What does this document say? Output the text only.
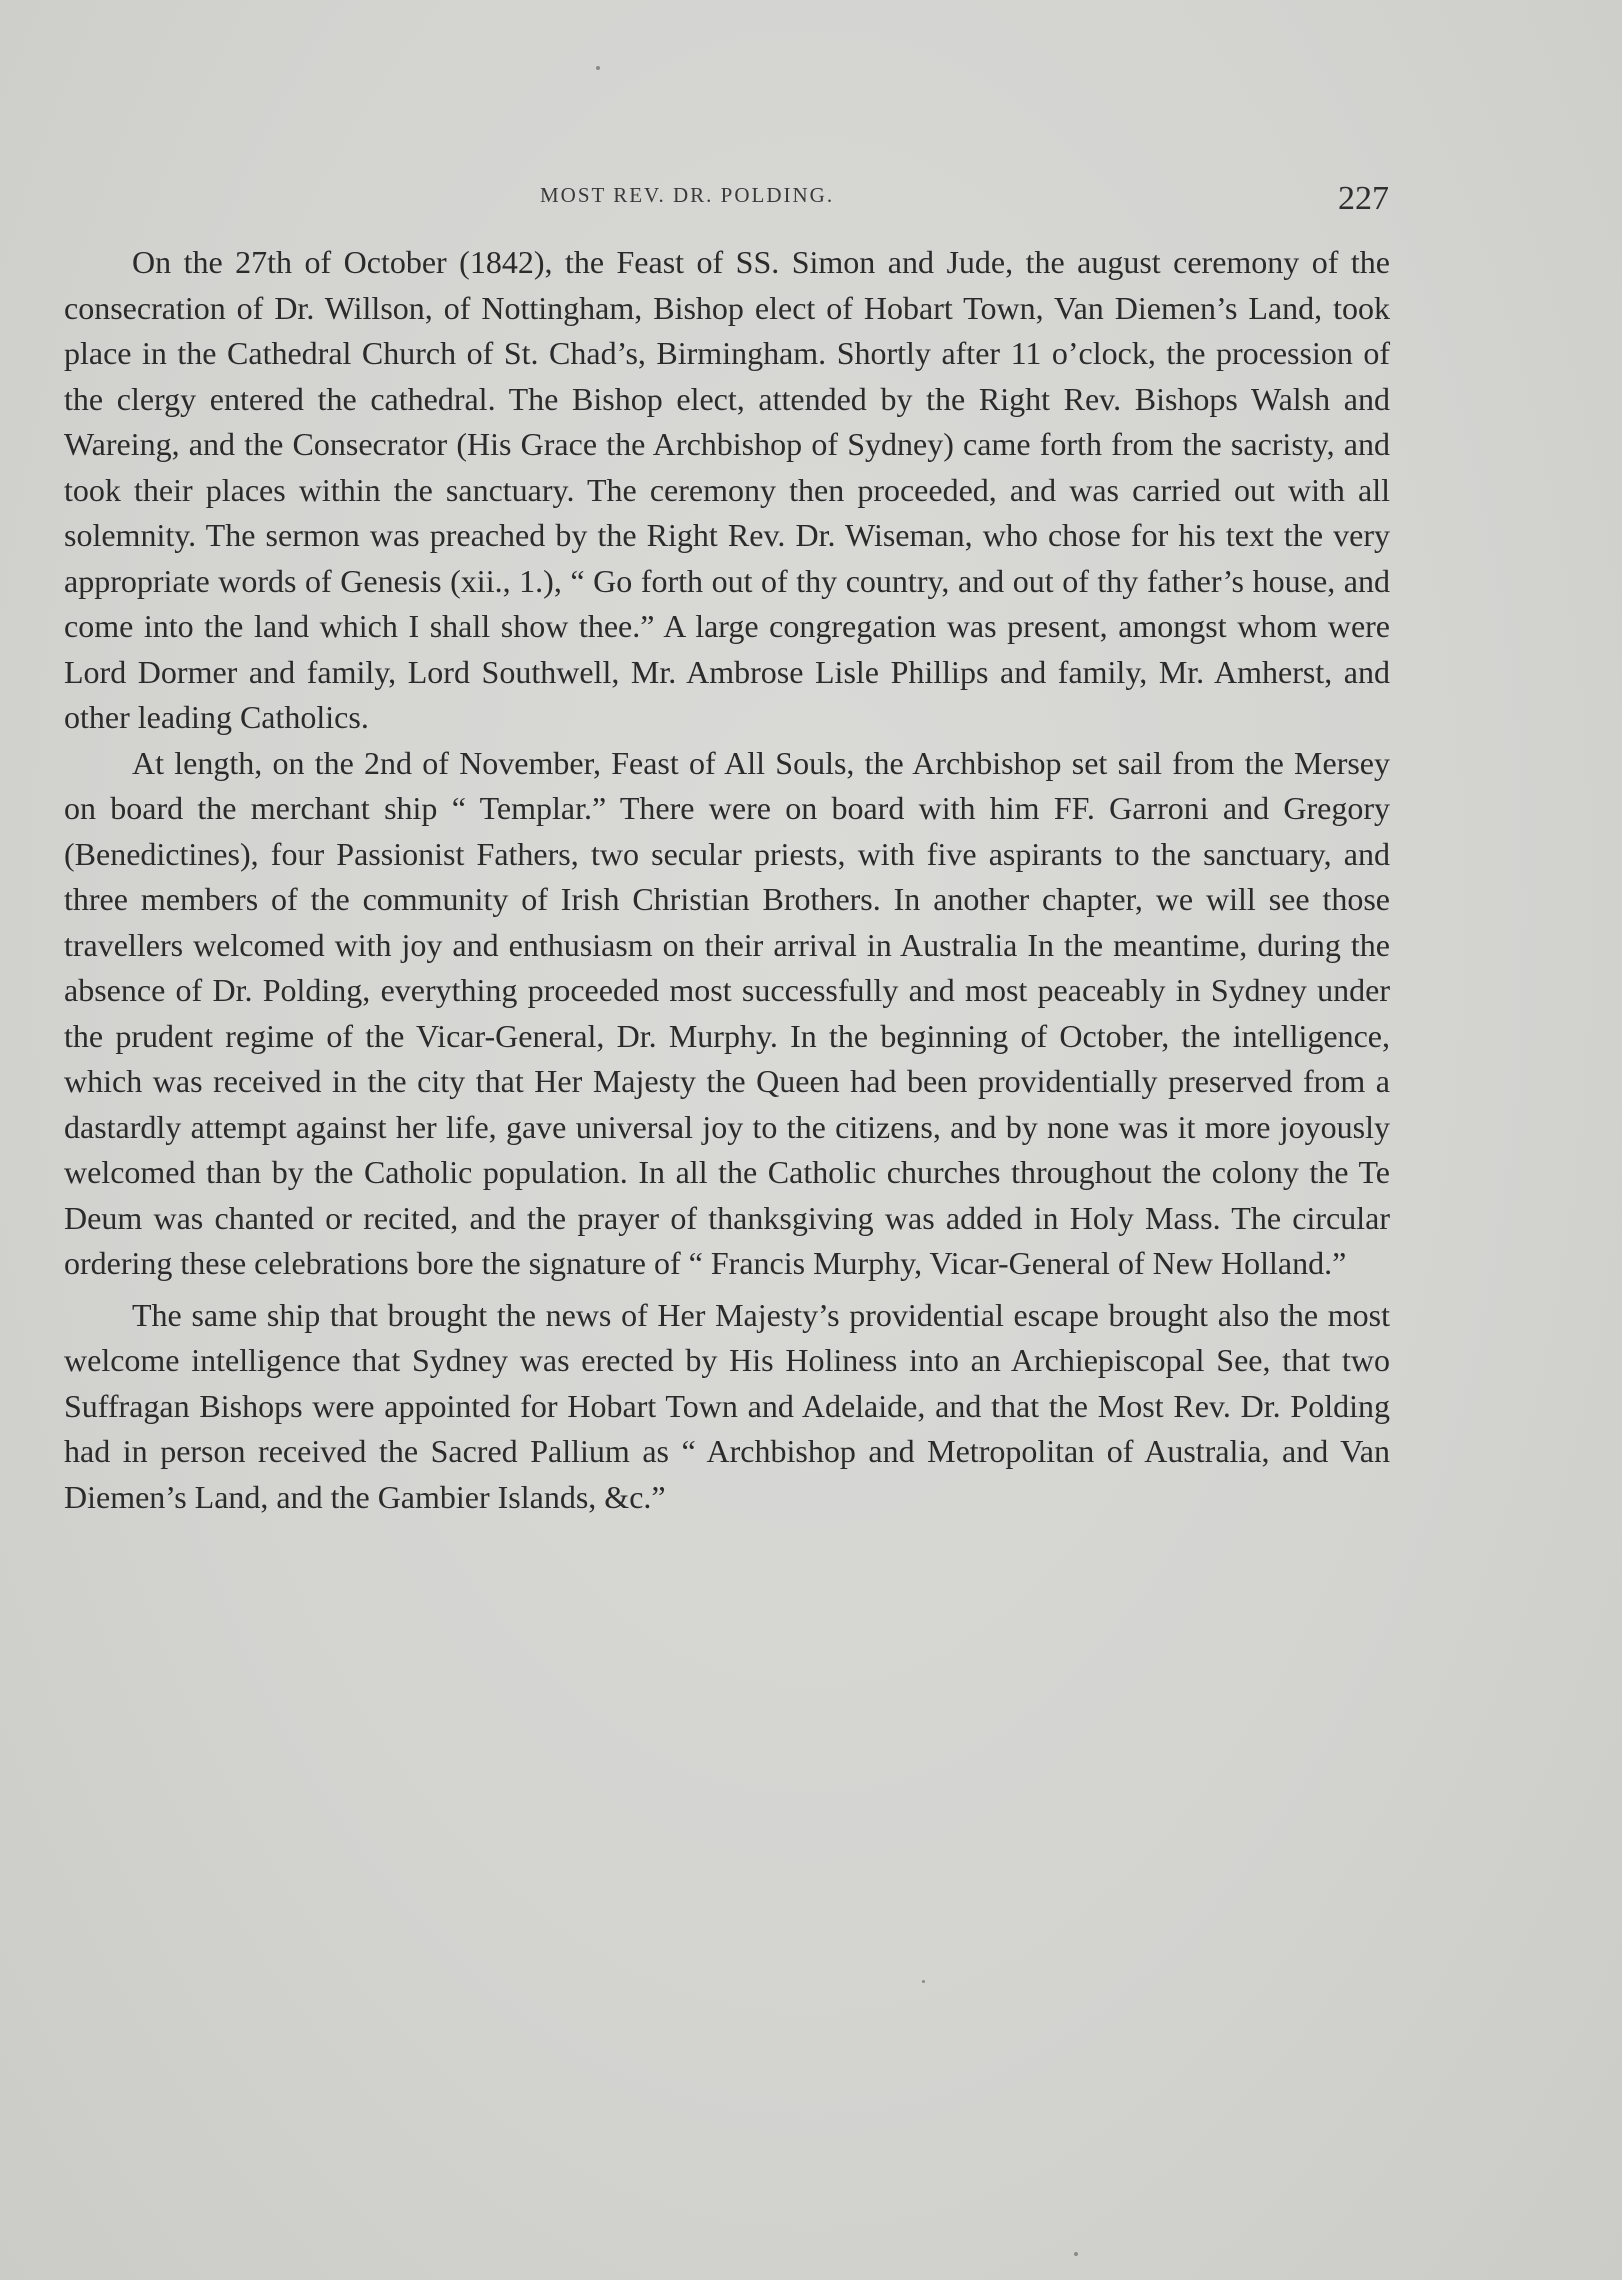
MOST REV. DR. POLDING.	227

On the 27th of October (1842), the Feast of SS. Simon and Jude, the august ceremony of the consecration of Dr. Willson, of Nottingham, Bishop elect of Hobart Town, Van Diemen’s Land, took place in the Cathedral Church of St. Chad’s, Birmingham. Shortly after 11 o’clock, the procession of the clergy entered the cathedral. The Bishop elect, attended by the Right Rev. Bishops Walsh and Wareing, and the Consecrator (His Grace the Archbishop of Sydney) came forth from the sacristy, and took their places within the sanctuary. The ceremony then proceeded, and was carried out with all solemnity. The sermon was preached by the Right Rev. Dr. Wiseman, who chose for his text the very appropriate words of Genesis (xii., 1.), “ Go forth out of thy country, and out of thy father’s house, and come into the land which I shall show thee.” A large congregation was present, amongst whom were Lord Dormer and family, Lord Southwell, Mr. Ambrose Lisle Phillips and family, Mr. Amherst, and other leading Catholics.

At length, on the 2nd of November, Feast of All Souls, the Archbishop set sail from the Mersey on board the merchant ship “ Templar.” There were on board with him FF. Garroni and Gregory (Benedictines), four Passionist Fathers, two secular priests, with five aspirants to the sanctuary, and three members of the community of Irish Christian Brothers. In another chapter, we will see those travellers welcomed with joy and enthusiasm on their arrival in Australia In the meantime, during the absence of Dr. Polding, everything proceeded most successfully and most peaceably in Sydney under the prudent regime of the Vicar-General, Dr. Murphy. In the beginning of October, the intelligence, which was received in the city that Her Majesty the Queen had been providentially preserved from a dastardly attempt against her life, gave universal joy to the citizens, and by none was it more joyously welcomed than by the Catholic population. In all the Catholic churches throughout the colony the Te Deum was chanted or recited, and the prayer of thanksgiving was added in Holy Mass. The circular ordering these celebrations bore the signature of “ Francis Murphy, Vicar-General of New Holland.”

The same ship that brought the news of Her Majesty’s providential escape brought also the most welcome intelligence that Sydney was erected by His Holiness into an Archiepiscopal See, that two Suffragan Bishops were appointed for Hobart Town and Adelaide, and that the Most Rev. Dr. Polding had in person received the Sacred Pallium as “ Archbishop and Metropolitan of Australia, and Van Diemen’s Land, and the Gambier Islands, &c.”
